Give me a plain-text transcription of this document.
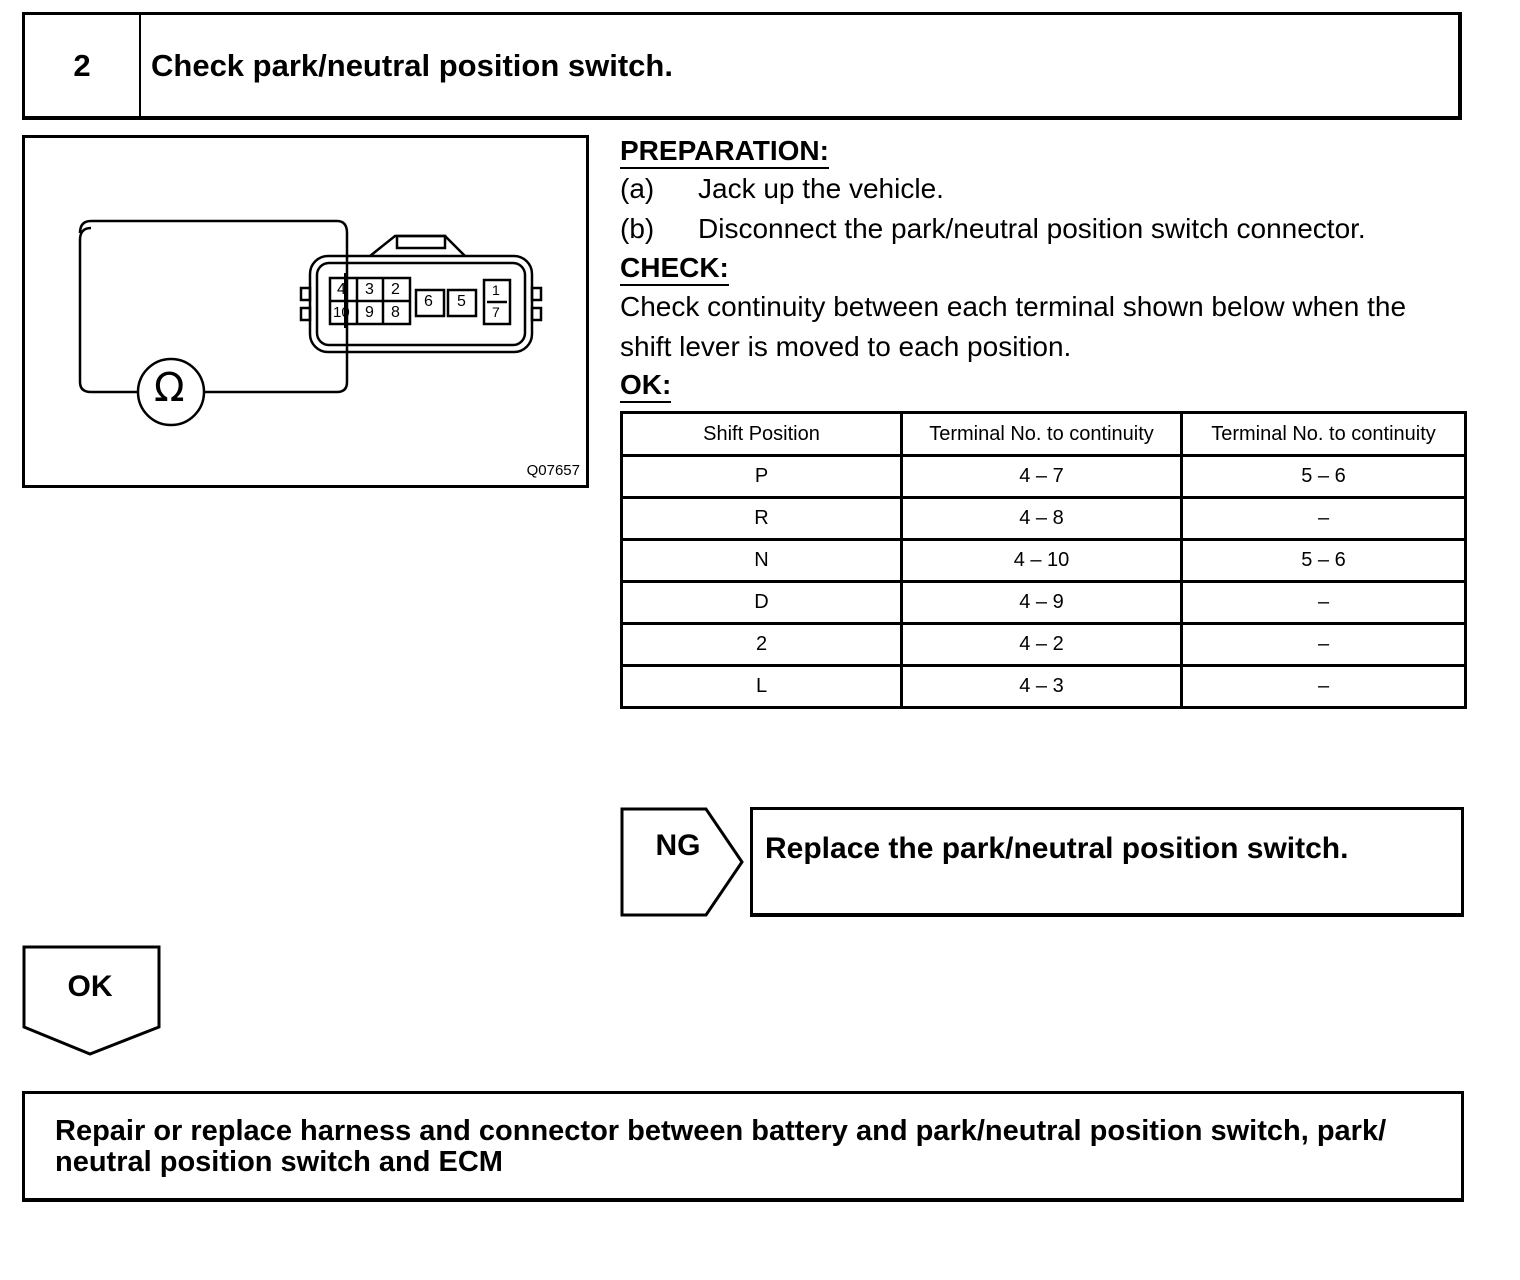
2	Check park/neutral position switch.
Ω
4 3 2
6 5
1
10 9 8	7
Q07657
PREPARATION:
(a) Jack up the vehicle.
(b) Disconnect the park/neutral position switch connector.
CHECK:
Check continuity between each terminal shown below when the
shift lever is moved to each position.
OK:
Shift Position	Terminal No. to continuity	Terminal No. to continuity
P	4 – 7	5 – 6
R	4 – 8	–
N	4 – 10	5 – 6
D	4 – 9	–
2	4 – 2	–
L	4 – 3	–
NG	Replace the park/neutral position switch.
OK
Repair or replace harness and connector between battery and park/neutral position switch, park/
neutral position switch and ECM
